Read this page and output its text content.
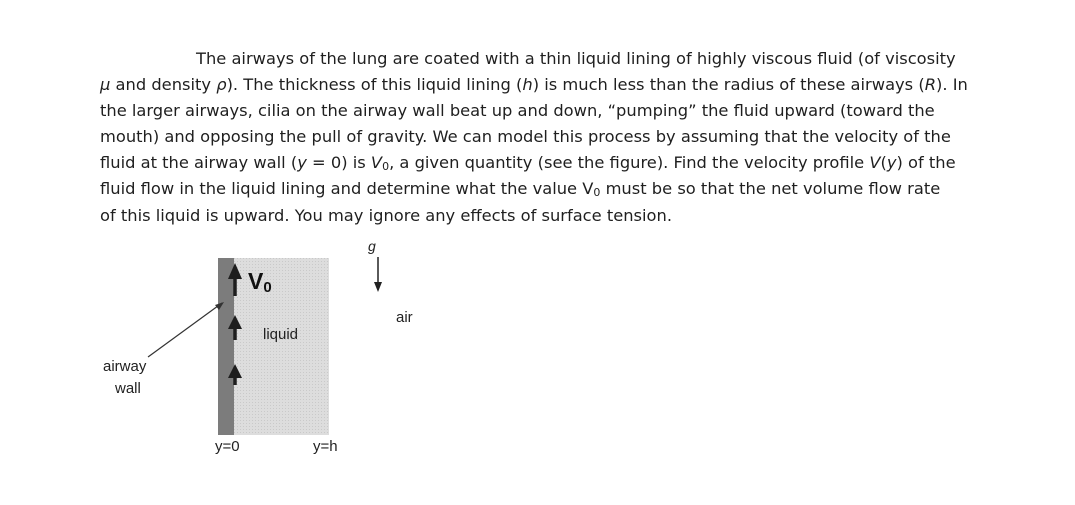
The airways of the lung are coated with a thin liquid lining of highly viscous fluid (of viscosity
μ and density ρ). The thickness of this liquid lining (h) is much less than the radius of these airways (R). In
the larger airways, cilia on the airway wall beat up and down, “pumping” the fluid upward (toward the
mouth) and opposing the pull of gravity. We can model this process by assuming that the velocity of the
fluid at the airway wall (y = 0) is $V_0$, a given quantity (see the figure). Find the velocity profile V(y) of the
fluid flow in the liquid lining and determine what the value $V_0$ must be so that the net volume flow rate
of this liquid is upward. You may ignore any effects of surface tension.
$V_0$
liquid
air
g
airway
wall
y=0	y=h
